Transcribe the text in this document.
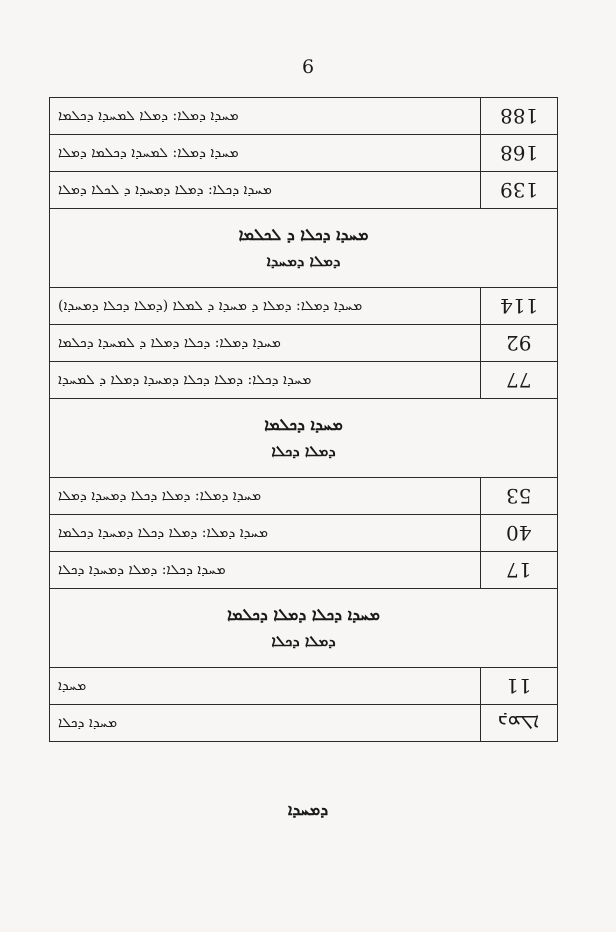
6
ܡܚܕܐ ܕܡܠܐ: ܕܡܠܐ ܠܡܚܕܐ ܕܟܠܡܐ	188
ܡܚܕܐ ܕܡܠܐ: ܠܡܚܕܐ ܕܟܠܡܐ ܕܡܠܐ	168
ܡܚܕܐ ܕܟܠܐ: ܕܡܠܐ ܕܡܚܕܐ ܕ ܠܟܠܐ ܕܡܠܐ	139

ܡܚܕܐ ܕܟܠܐ ܕ ܠܟܠܡܐ
ܕܡܠܐ ܕܡܚܕܐ	

ܡܚܕܐ ܕܡܠܐ: ܕܡܠܐ ܕ ܡܚܕܐ ܕ ܠܡܠܐ (ܕܡܠܐ ܕܟܠܐ ܕܡܚܕܐ)	114
ܡܚܕܐ ܕܡܠܐ: ܕܟܠܐ ܕܡܠܐ ܕ ܠܡܚܕܐ ܕܟܠܡܐ	92
ܡܚܕܐ ܕܟܠܐ: ܕܡܠܐ ܕܟܠܐ ܕܡܚܕܐ ܕܡܠܐ ܕ ܠܡܚܕܐ	77

ܡܚܕܐ ܕܟܠܡܐ
ܕܡܠܐ ܕܟܠܐ	

ܡܚܕܐ ܕܡܠܐ: ܕܡܠܐ ܕܟܠܐ ܕܡܚܕܐ ܕܡܠܐ	53
ܡܚܕܐ ܕܡܠܐ: ܕܡܠܐ ܕܟܠܐ ܕܡܚܕܐ ܕܟܠܡܐ	40
ܡܚܕܐ ܕܟܠܐ: ܕܡܠܐ ܕܡܚܕܐ ܕܟܠܐ	17

ܡܚܕܐ ܕܟܠܐ ܕܡܠܐ ܕܟܠܡܐ
ܕܡܠܐ ܕܟܠܐ	

ܡܚܕܐ	11
ܡܚܕܐ ܕܟܠܐ	ܕܡܠܐ
ܕܡܚܕܐ
